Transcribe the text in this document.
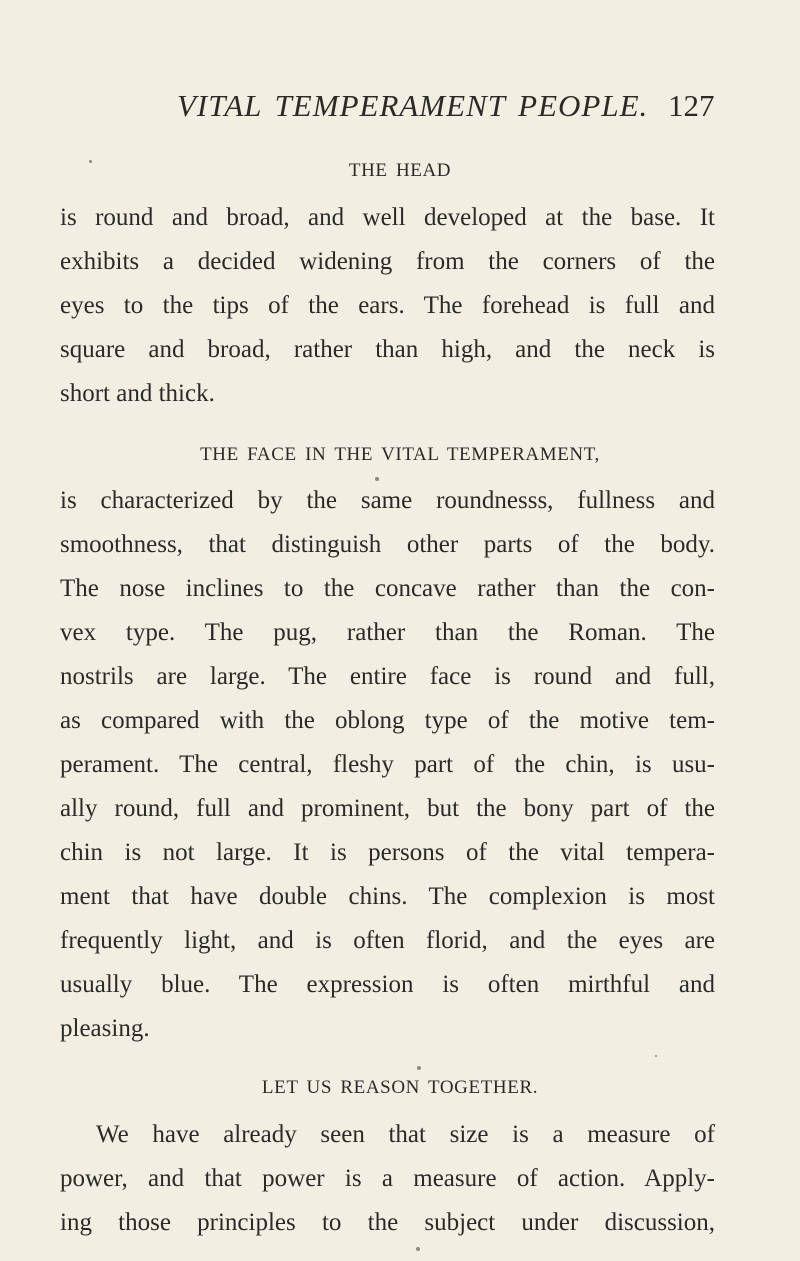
VITAL TEMPERAMENT PEOPLE. 127
THE HEAD
is round and broad, and well developed at the base. It
exhibits a decided widening from the corners of the
eyes to the tips of the ears. The forehead is full and
square and broad, rather than high, and the neck is
short and thick.
THE FACE IN THE VITAL TEMPERAMENT,
is characterized by the same roundnesss, fullness and
smoothness, that distinguish other parts of the body.
The nose inclines to the concave rather than the con-
vex type. The pug, rather than the Roman. The
nostrils are large. The entire face is round and full,
as compared with the oblong type of the motive tem-
perament. The central, fleshy part of the chin, is usu-
ally round, full and prominent, but the bony part of the
chin is not large. It is persons of the vital tempera-
ment that have double chins. The complexion is most
frequently light, and is often florid, and the eyes are
usually blue. The expression is often mirthful and
pleasing.
LET US REASON TOGETHER.
We have already seen that size is a measure of
power, and that power is a measure of action. Apply-
ing those principles to the subject under discussion,
